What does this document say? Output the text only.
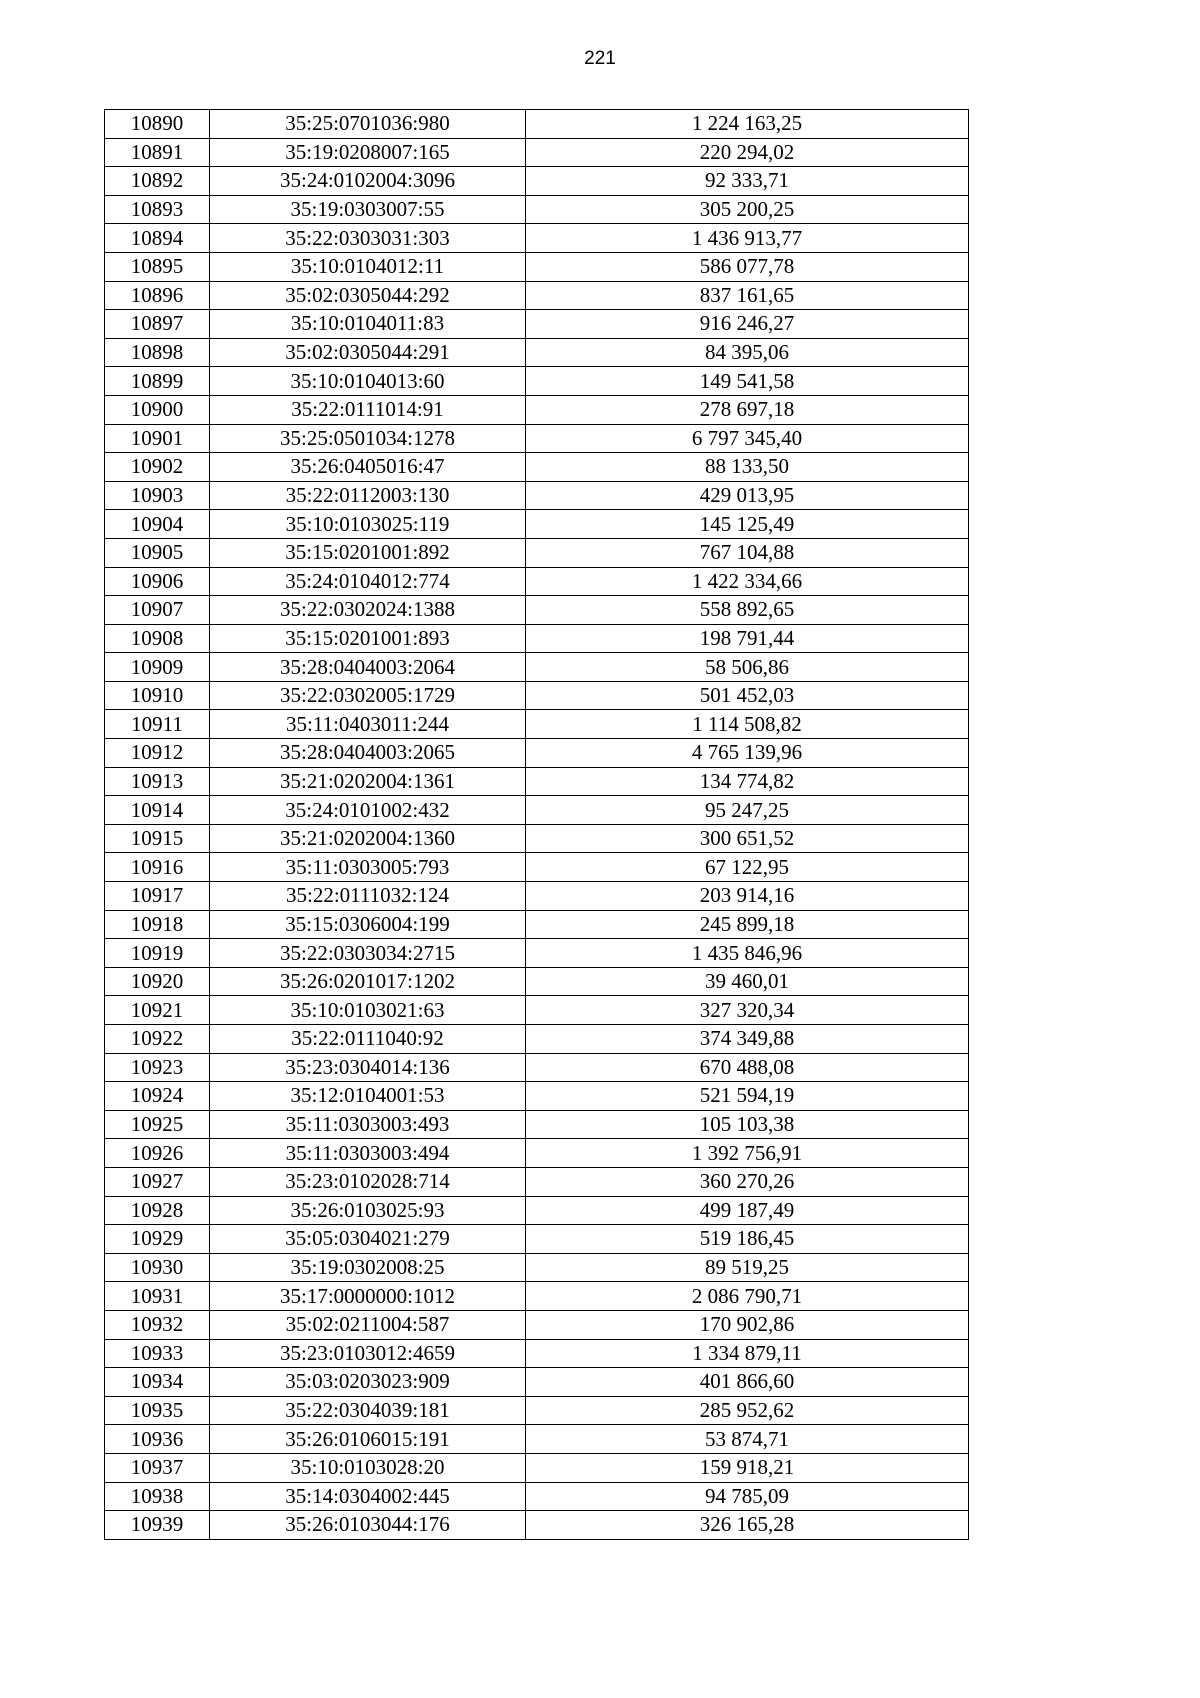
221
10890	35:25:0701036:980	1 224 163,25
10891	35:19:0208007:165	220 294,02
10892	35:24:0102004:3096	92 333,71
10893	35:19:0303007:55	305 200,25
10894	35:22:0303031:303	1 436 913,77
10895	35:10:0104012:11	586 077,78
10896	35:02:0305044:292	837 161,65
10897	35:10:0104011:83	916 246,27
10898	35:02:0305044:291	84 395,06
10899	35:10:0104013:60	149 541,58
10900	35:22:0111014:91	278 697,18
10901	35:25:0501034:1278	6 797 345,40
10902	35:26:0405016:47	88 133,50
10903	35:22:0112003:130	429 013,95
10904	35:10:0103025:119	145 125,49
10905	35:15:0201001:892	767 104,88
10906	35:24:0104012:774	1 422 334,66
10907	35:22:0302024:1388	558 892,65
10908	35:15:0201001:893	198 791,44
10909	35:28:0404003:2064	58 506,86
10910	35:22:0302005:1729	501 452,03
10911	35:11:0403011:244	1 114 508,82
10912	35:28:0404003:2065	4 765 139,96
10913	35:21:0202004:1361	134 774,82
10914	35:24:0101002:432	95 247,25
10915	35:21:0202004:1360	300 651,52
10916	35:11:0303005:793	67 122,95
10917	35:22:0111032:124	203 914,16
10918	35:15:0306004:199	245 899,18
10919	35:22:0303034:2715	1 435 846,96
10920	35:26:0201017:1202	39 460,01
10921	35:10:0103021:63	327 320,34
10922	35:22:0111040:92	374 349,88
10923	35:23:0304014:136	670 488,08
10924	35:12:0104001:53	521 594,19
10925	35:11:0303003:493	105 103,38
10926	35:11:0303003:494	1 392 756,91
10927	35:23:0102028:714	360 270,26
10928	35:26:0103025:93	499 187,49
10929	35:05:0304021:279	519 186,45
10930	35:19:0302008:25	89 519,25
10931	35:17:0000000:1012	2 086 790,71
10932	35:02:0211004:587	170 902,86
10933	35:23:0103012:4659	1 334 879,11
10934	35:03:0203023:909	401 866,60
10935	35:22:0304039:181	285 952,62
10936	35:26:0106015:191	53 874,71
10937	35:10:0103028:20	159 918,21
10938	35:14:0304002:445	94 785,09
10939	35:26:0103044:176	326 165,28
